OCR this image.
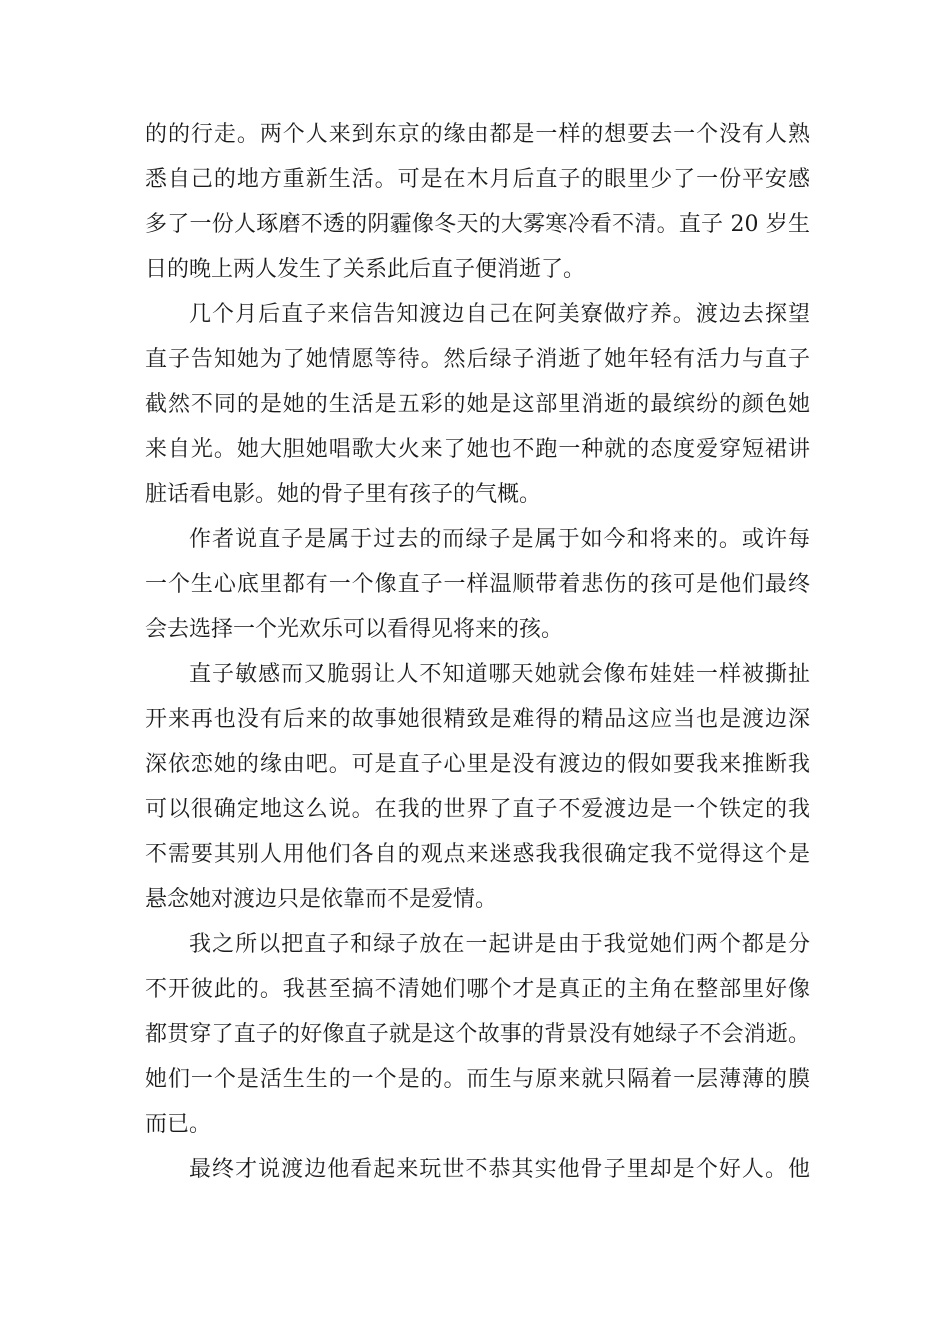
的的行走。两个人来到东京的缘由都是一样的想要去一个没有人熟
悉自己的地方重新生活。可是在木月后直子的眼里少了一份平安感
多了一份人琢磨不透的阴霾像冬天的大雾寒冷看不清。直子 20 岁生
日的晚上两人发生了关系此后直子便消逝了。
几个月后直子来信告知渡边自己在阿美寮做疗养。渡边去探望
直子告知她为了她情愿等待。然后绿子消逝了她年轻有活力与直子
截然不同的是她的生活是五彩的她是这部里消逝的最缤纷的颜色她
来自光。她大胆她唱歌大火来了她也不跑一种就的态度爱穿短裙讲
脏话看电影。她的骨子里有孩子的气概。
作者说直子是属于过去的而绿子是属于如今和将来的。或许每
一个生心底里都有一个像直子一样温顺带着悲伤的孩可是他们最终
会去选择一个光欢乐可以看得见将来的孩。
直子敏感而又脆弱让人不知道哪天她就会像布娃娃一样被撕扯
开来再也没有后来的故事她很精致是难得的精品这应当也是渡边深
深依恋她的缘由吧。可是直子心里是没有渡边的假如要我来推断我
可以很确定地这么说。在我的世界了直子不爱渡边是一个铁定的我
不需要其别人用他们各自的观点来迷惑我我很确定我不觉得这个是
悬念她对渡边只是依靠而不是爱情。
我之所以把直子和绿子放在一起讲是由于我觉她们两个都是分
不开彼此的。我甚至搞不清她们哪个才是真正的主角在整部里好像
都贯穿了直子的好像直子就是这个故事的背景没有她绿子不会消逝。
她们一个是活生生的一个是的。而生与原来就只隔着一层薄薄的膜
而已。
最终才说渡边他看起来玩世不恭其实他骨子里却是个好人。他
